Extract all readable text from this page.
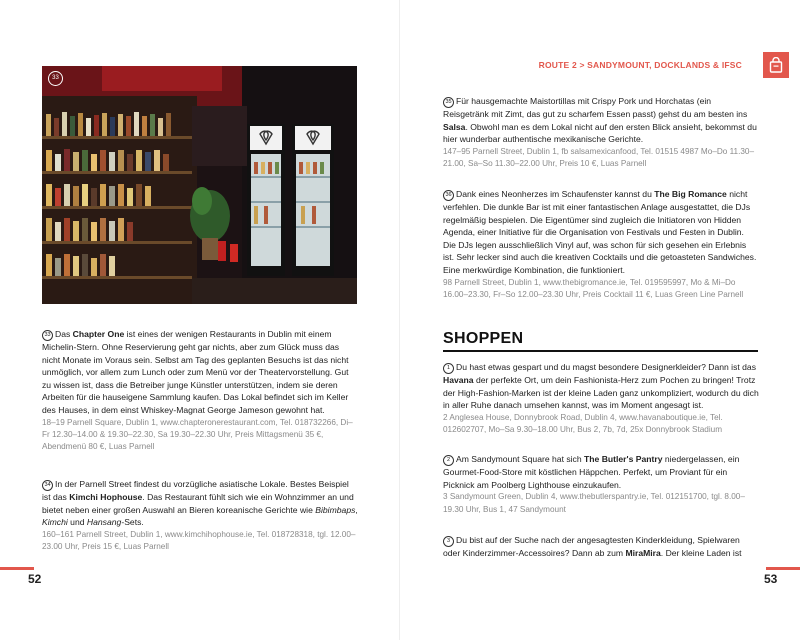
33

33 Das Chapter One ist eines der wenigen Restaurants in Dublin mit einem Michelin-Stern. Ohne Reservierung geht gar nichts, aber zum Glück muss das nicht Monate im Voraus sein. Selbst am Tag des geplanten Besuchs ist das nicht unmöglich, vor allem zum Lunch oder zum Menü vor der Theatervorstellung. Gut zu wissen ist, dass die Betreiber junge Künstler unterstützen, indem sie deren Arbeiten für die hauseigene Sammlung kaufen. Das Lokal befindet sich im Keller des Hauses, in dem einst Whiskey-Magnat George Jameson gewohnt hat.

18–19 Parnell Square, Dublin 1, www.chapteronerestaurant.com, Tel. 018732266, Di–Fr 12.30–14.00 & 19.30–22.30, Sa 19.30–22.30 Uhr, Preis Mittagsmenü 35 €, Abendmenü 80 €, Luas Parnell

34 In der Parnell Street findest du vorzügliche asiatische Lokale. Bestes Beispiel ist das Kimchi Hophouse. Das Restaurant fühlt sich wie ein Wohnzimmer an und bietet neben einer großen Auswahl an Bieren koreanische Gerichte wie Bibimbaps, Kimchi und Hansang-Sets.

160–161 Parnell Street, Dublin 1, www.kimchihophouse.ie, Tel. 018728318, tgl. 12.00–23.00 Uhr, Preis 15 €, Luas Parnell

52
ROUTE 2 > SANDYMOUNT, DOCKLANDS & IFSC

35 Für hausgemachte Maistortillas mit Crispy Pork und Horchatas (ein Reisgetränk mit Zimt, das gut zu scharfem Essen passt) gehst du am besten ins Salsa. Obwohl man es dem Lokal nicht auf den ersten Blick ansieht, bekommst du hier wunderbar authentische mexikanische Gerichte.

147–95 Parnell Street, Dublin 1, fb salsamexicanfood, Tel. 01515 4987 Mo–Do 11.30–21.00, Sa–So 11.30–22.00 Uhr, Preis 10 €, Luas Parnell

36 Dank eines Neonherzes im Schaufenster kannst du The Big Romance nicht verfehlen. Die dunkle Bar ist mit einer fantastischen Anlage ausgestattet, die DJs regelmäßig bespielen. Die Eigentümer sind zugleich die Initiatoren von Hidden Agenda, einer Initiative für die Organisation von Festivals und Festen in Dublin. Die DJs legen ausschließlich Vinyl auf, was schon für sich gesehen ein Erlebnis ist. Sehr lecker sind auch die kreativen Cocktails und die getoasteten Sandwiches. Eine merkwürdige Kombination, die funktioniert.

98 Parnell Street, Dublin 1, www.thebigromance.ie, Tel. 019595997, Mo & Mi–Do 16.00–23.30, Fr–So 12.00–23.30 Uhr, Preis Cocktail 11 €, Luas Green Line Parnell

SHOPPEN

1 Du hast etwas gespart und du magst besondere Designerkleider? Dann ist das Havana der perfekte Ort, um dein Fashionista-Herz zum Pochen zu bringen! Trotz der High-Fashion-Marken ist der kleine Laden ganz unkompliziert, wodurch du dich in aller Ruhe danach umsehen kannst, was im Moment angesagt ist.

2 Anglesea House, Donnybrook Road, Dublin 4, www.havanaboutique.ie, Tel. 012602707, Mo–Sa 9.30–18.00 Uhr, Bus 2, 7b, 7d, 25x Donnybrook Stadium

2 Am Sandymount Square hat sich The Butler's Pantry niedergelassen, ein Gourmet-Food-Store mit köstlichen Häppchen. Perfekt, um Proviant für ein Picknick am Poolberg Lighthouse einzukaufen.

3 Sandymount Green, Dublin 4, www.thebutlerspantry.ie, Tel. 012151700, tgl. 8.00–19.30 Uhr, Bus 1, 47 Sandymount

3 Du bist auf der Suche nach der angesagtesten Kinderkleidung, Spielwaren oder Kinderzimmer-Accessoires? Dann ab zum MiraMira. Der kleine Laden ist

53
